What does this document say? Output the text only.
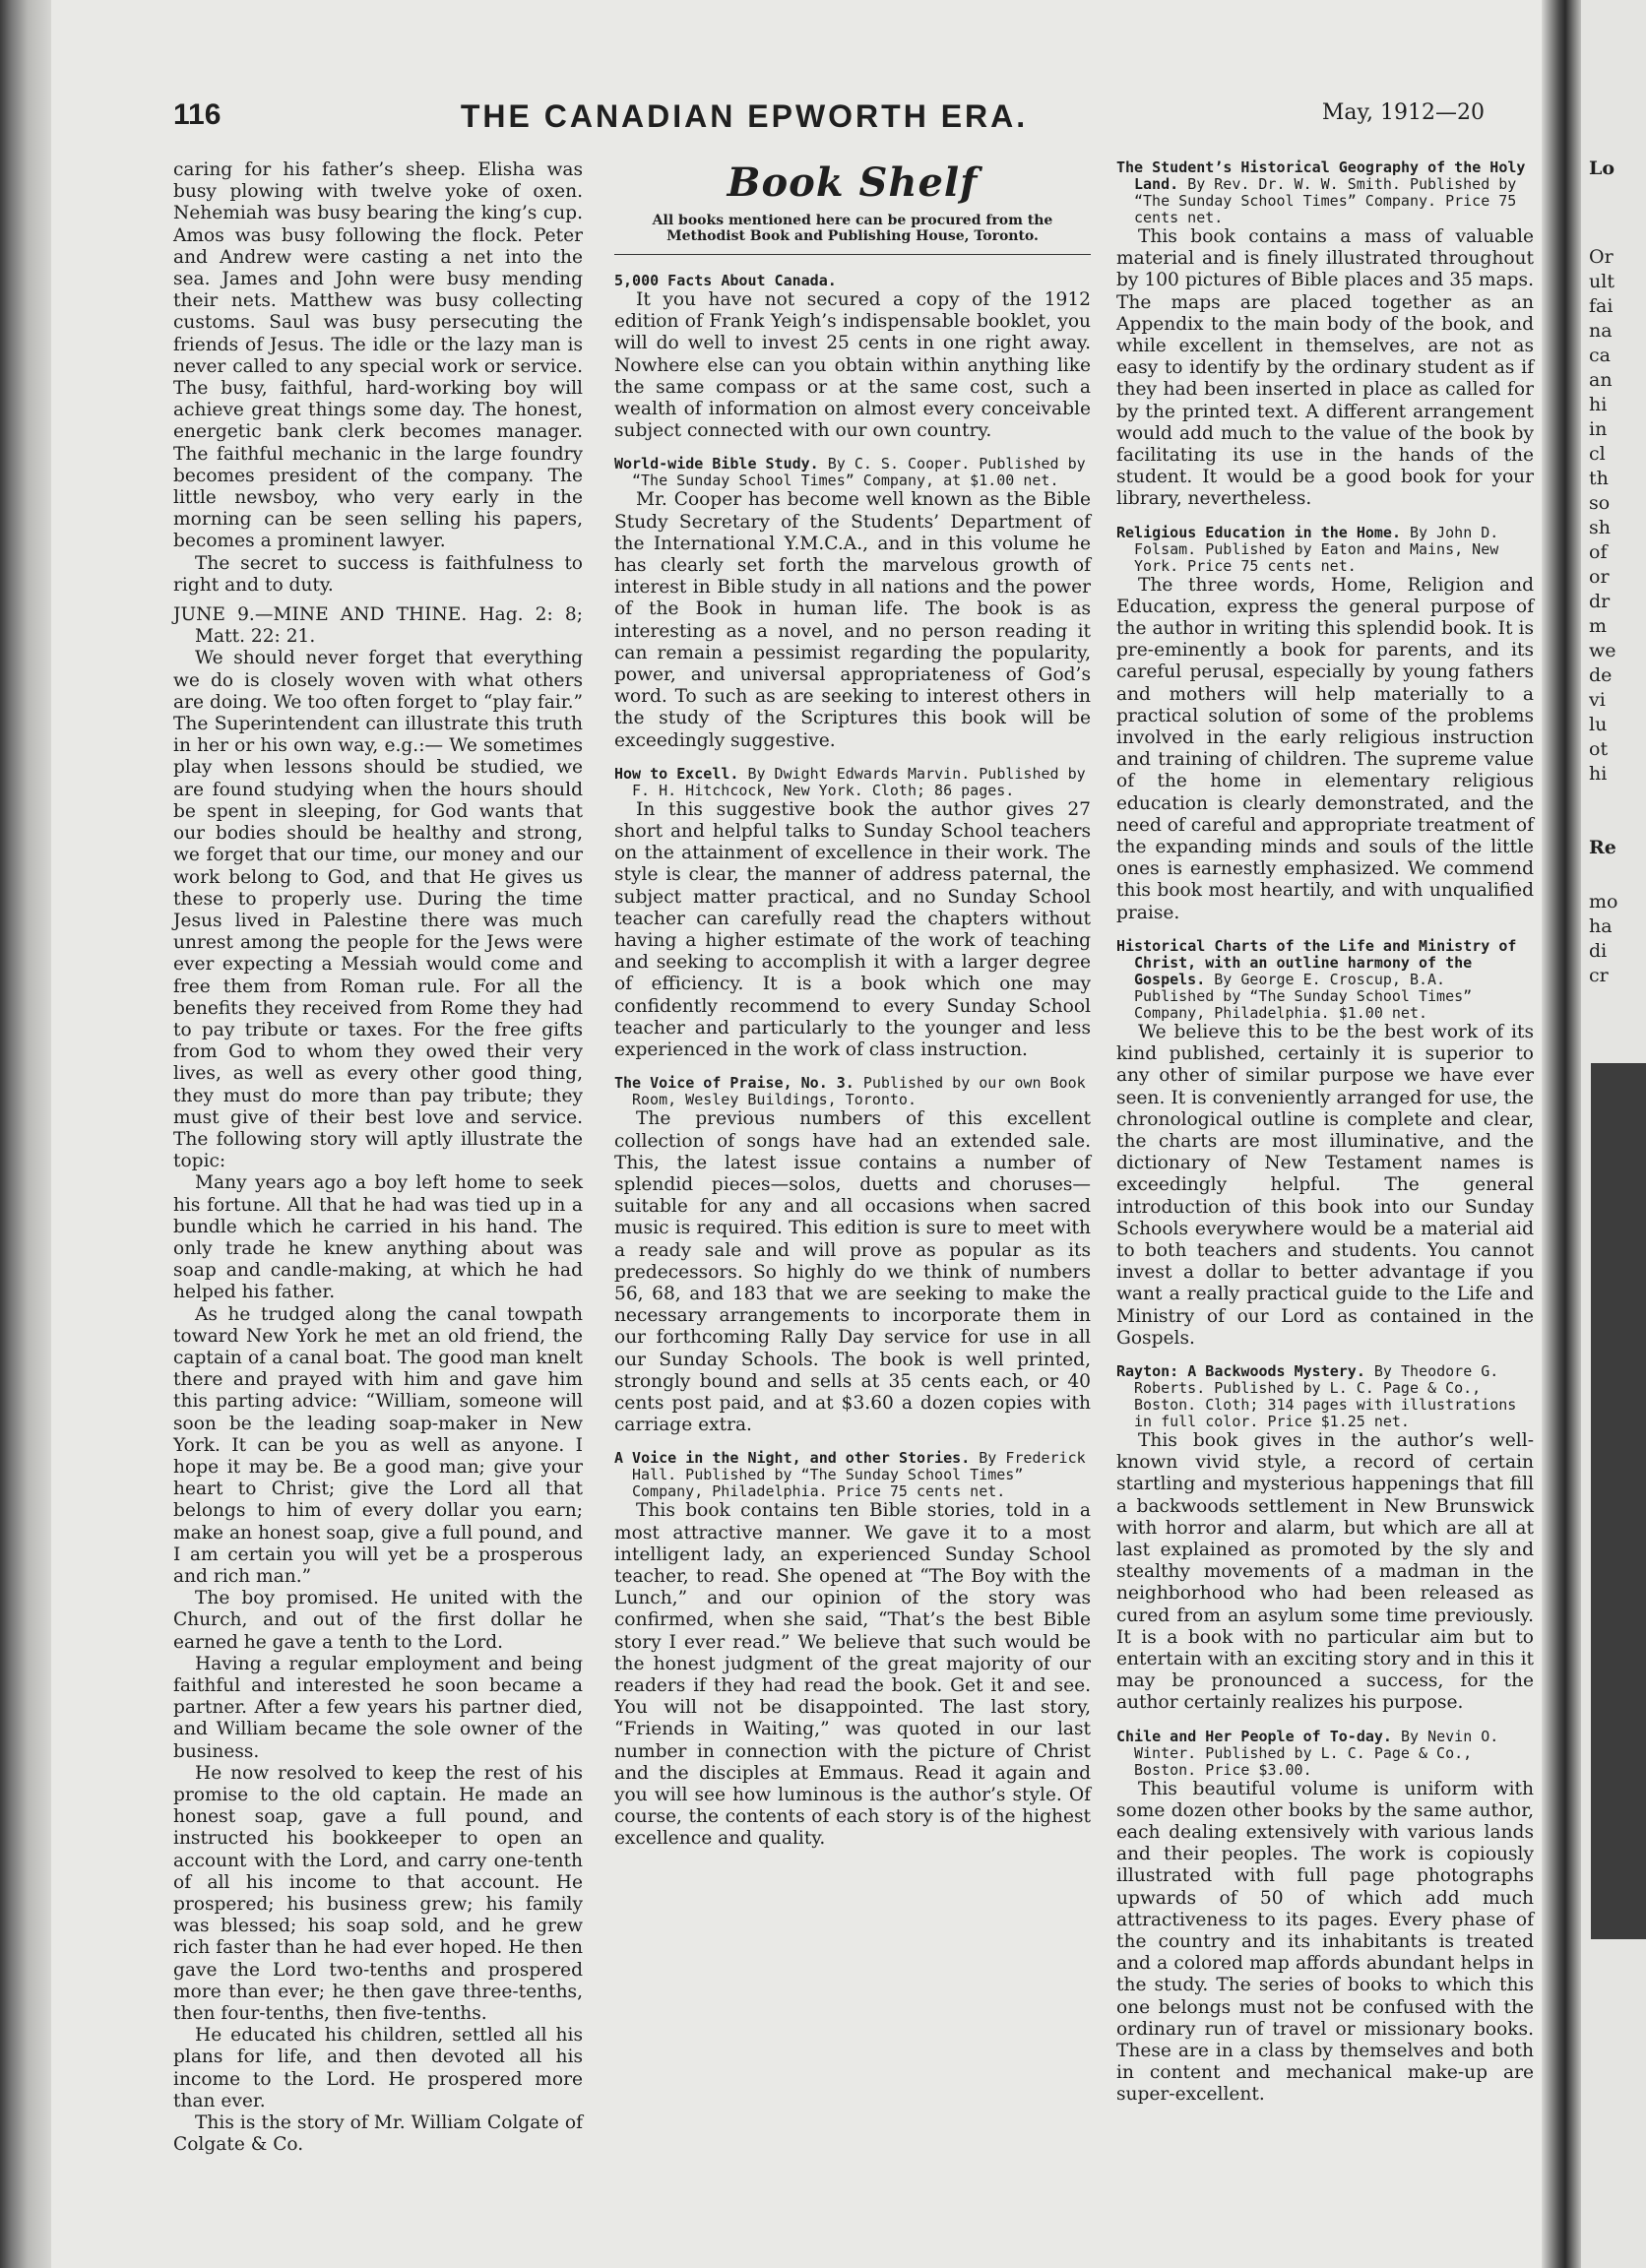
116	THE CANADIAN EPWORTH ERA.	May, 1912—20

caring for his father’s sheep. Elisha was busy plowing with twelve yoke of oxen. Nehemiah was busy bearing the king’s cup. Amos was busy following the flock. Peter and Andrew were casting a net into the sea. James and John were busy mending their nets. Matthew was busy collecting customs. Saul was busy persecuting the friends of Jesus. The idle or the lazy man is never called to any special work or service. The busy, faithful, hard-working boy will achieve great things some day. The honest, energetic bank clerk becomes manager. The faithful mechanic in the large foundry becomes president of the company. The little newsboy, who very early in the morning can be seen selling his papers, becomes a prominent lawyer.

The secret to success is faithfulness to right and to duty.

JUNE 9.—MINE AND THINE. Hag. 2: 8; Matt. 22: 21.

We should never forget that everything we do is closely woven with what others are doing. We too often forget to “play fair.” The Superintendent can illustrate this truth in her or his own way, e.g.:— We sometimes play when lessons should be studied, we are found studying when the hours should be spent in sleeping, for God wants that our bodies should be healthy and strong, we forget that our time, our money and our work belong to God, and that He gives us these to properly use. During the time Jesus lived in Palestine there was much unrest among the people for the Jews were ever expecting a Messiah would come and free them from Roman rule. For all the benefits they received from Rome they had to pay tribute or taxes. For the free gifts from God to whom they owed their very lives, as well as every other good thing, they must do more than pay tribute; they must give of their best love and service. The following story will aptly illustrate the topic:

Many years ago a boy left home to seek his fortune. All that he had was tied up in a bundle which he carried in his hand. The only trade he knew anything about was soap and candle-making, at which he had helped his father.

As he trudged along the canal towpath toward New York he met an old friend, the captain of a canal boat. The good man knelt there and prayed with him and gave him this parting advice: “William, someone will soon be the leading soap-maker in New York. It can be you as well as anyone. I hope it may be. Be a good man; give your heart to Christ; give the Lord all that belongs to him of every dollar you earn; make an honest soap, give a full pound, and I am certain you will yet be a prosperous and rich man.”

The boy promised. He united with the Church, and out of the first dollar he earned he gave a tenth to the Lord.

Having a regular employment and being faithful and interested he soon became a partner. After a few years his partner died, and William became the sole owner of the business.

He now resolved to keep the rest of his promise to the old captain. He made an honest soap, gave a full pound, and instructed his bookkeeper to open an account with the Lord, and carry one-tenth of all his income to that account. He prospered; his business grew; his family was blessed; his soap sold, and he grew rich faster than he had ever hoped. He then gave the Lord two-tenths and prospered more than ever; he then gave three-tenths, then four-tenths, then five-tenths.

He educated his children, settled all his plans for life, and then devoted all his income to the Lord. He prospered more than ever.

This is the story of Mr. William Colgate of Colgate & Co.

Book Shelf
All books mentioned here can be procured from the Methodist Book and Publishing House, Toronto.

5,000 Facts About Canada.

It you have not secured a copy of the 1912 edition of Frank Yeigh’s indispensable booklet, you will do well to invest 25 cents in one right away. Nowhere else can you obtain within anything like the same compass or at the same cost, such a wealth of information on almost every conceivable subject connected with our own country.

World-wide Bible Study. By C. S. Cooper. Published by “The Sunday School Times” Company, at $1.00 net.

Mr. Cooper has become well known as the Bible Study Secretary of the Students’ Department of the International Y.M.C.A., and in this volume he has clearly set forth the marvelous growth of interest in Bible study in all nations and the power of the Book in human life. The book is as interesting as a novel, and no person reading it can remain a pessimist regarding the popularity, power, and universal appropriateness of God’s word. To such as are seeking to interest others in the study of the Scriptures this book will be exceedingly suggestive.

How to Excell. By Dwight Edwards Marvin. Published by F. H. Hitchcock, New York. Cloth; 86 pages.

In this suggestive book the author gives 27 short and helpful talks to Sunday School teachers on the attainment of excellence in their work. The style is clear, the manner of address paternal, the subject matter practical, and no Sunday School teacher can carefully read the chapters without having a higher estimate of the work of teaching and seeking to accomplish it with a larger degree of efficiency. It is a book which one may confidently recommend to every Sunday School teacher and particularly to the younger and less experienced in the work of class instruction.

The Voice of Praise, No. 3. Published by our own Book Room, Wesley Buildings, Toronto.

The previous numbers of this excellent collection of songs have had an extended sale. This, the latest issue contains a number of splendid pieces—solos, duetts and choruses—suitable for any and all occasions when sacred music is required. This edition is sure to meet with a ready sale and will prove as popular as its predecessors. So highly do we think of numbers 56, 68, and 183 that we are seeking to make the necessary arrangements to incorporate them in our forthcoming Rally Day service for use in all our Sunday Schools. The book is well printed, strongly bound and sells at 35 cents each, or 40 cents post paid, and at $3.60 a dozen copies with carriage extra.

A Voice in the Night, and other Stories. By Frederick Hall. Published by “The Sunday School Times” Company, Philadelphia. Price 75 cents net.

This book contains ten Bible stories, told in a most attractive manner. We gave it to a most intelligent lady, an experienced Sunday School teacher, to read. She opened at “The Boy with the Lunch,” and our opinion of the story was confirmed, when she said, “That’s the best Bible story I ever read.” We believe that such would be the honest judgment of the great majority of our readers if they had read the book. Get it and see. You will not be disappointed. The last story, “Friends in Waiting,” was quoted in our last number in connection with the picture of Christ and the disciples at Emmaus. Read it again and you will see how luminous is the author’s style. Of course, the contents of each story is of the highest excellence and quality.

The Student’s Historical Geography of the Holy Land. By Rev. Dr. W. W. Smith. Published by “The Sunday School Times” Company. Price 75 cents net.

This book contains a mass of valuable material and is finely illustrated throughout by 100 pictures of Bible places and 35 maps. The maps are placed together as an Appendix to the main body of the book, and while excellent in themselves, are not as easy to identify by the ordinary student as if they had been inserted in place as called for by the printed text. A different arrangement would add much to the value of the book by facilitating its use in the hands of the student. It would be a good book for your library, nevertheless.

Religious Education in the Home. By John D. Folsam. Published by Eaton and Mains, New York. Price 75 cents net.

The three words, Home, Religion and Education, express the general purpose of the author in writing this splendid book. It is pre-eminently a book for parents, and its careful perusal, especially by young fathers and mothers will help materially to a practical solution of some of the problems involved in the early religious instruction and training of children. The supreme value of the home in elementary religious education is clearly demonstrated, and the need of careful and appropriate treatment of the expanding minds and souls of the little ones is earnestly emphasized. We commend this book most heartily, and with unqualified praise.

Historical Charts of the Life and Ministry of Christ, with an outline harmony of the Gospels. By George E. Croscup, B.A. Published by “The Sunday School Times” Company, Philadelphia. $1.00 net.

We believe this to be the best work of its kind published, certainly it is superior to any other of similar purpose we have ever seen. It is conveniently arranged for use, the chronological outline is complete and clear, the charts are most illuminative, and the dictionary of New Testament names is exceedingly helpful. The general introduction of this book into our Sunday Schools everywhere would be a material aid to both teachers and students. You cannot invest a dollar to better advantage if you want a really practical guide to the Life and Ministry of our Lord as contained in the Gospels.

Rayton: A Backwoods Mystery. By Theodore G. Roberts. Published by L. C. Page & Co., Boston. Cloth; 314 pages with illustrations in full color. Price $1.25 net.

This book gives in the author’s well-known vivid style, a record of certain startling and mysterious happenings that fill a backwoods settlement in New Brunswick with horror and alarm, but which are all at last explained as promoted by the sly and stealthy movements of a madman in the neighborhood who had been released as cured from an asylum some time previously. It is a book with no particular aim but to entertain with an exciting story and in this it may be pronounced a success, for the author certainly realizes his purpose.

Chile and Her People of To-day. By Nevin O. Winter. Published by L. C. Page & Co., Boston. Price $3.00.

This beautiful volume is uniform with some dozen other books by the same author, each dealing extensively with various lands and their peoples. The work is copiously illustrated with full page photographs upwards of 50 of which add much attractiveness to its pages. Every phase of the country and its inhabitants is treated and a colored map affords abundant helps in the study. The series of books to which this one belongs must not be confused with the ordinary run of travel or missionary books. These are in a class by themselves and both in content and mechanical make-up are super-excellent.

Lo
Or
ult
fai
na
ca
an
hi
in
cl
th
so
sh
of
or
dr
m
we
de
vi
lu
ot
hi
Re
mo
ha
di
cr
